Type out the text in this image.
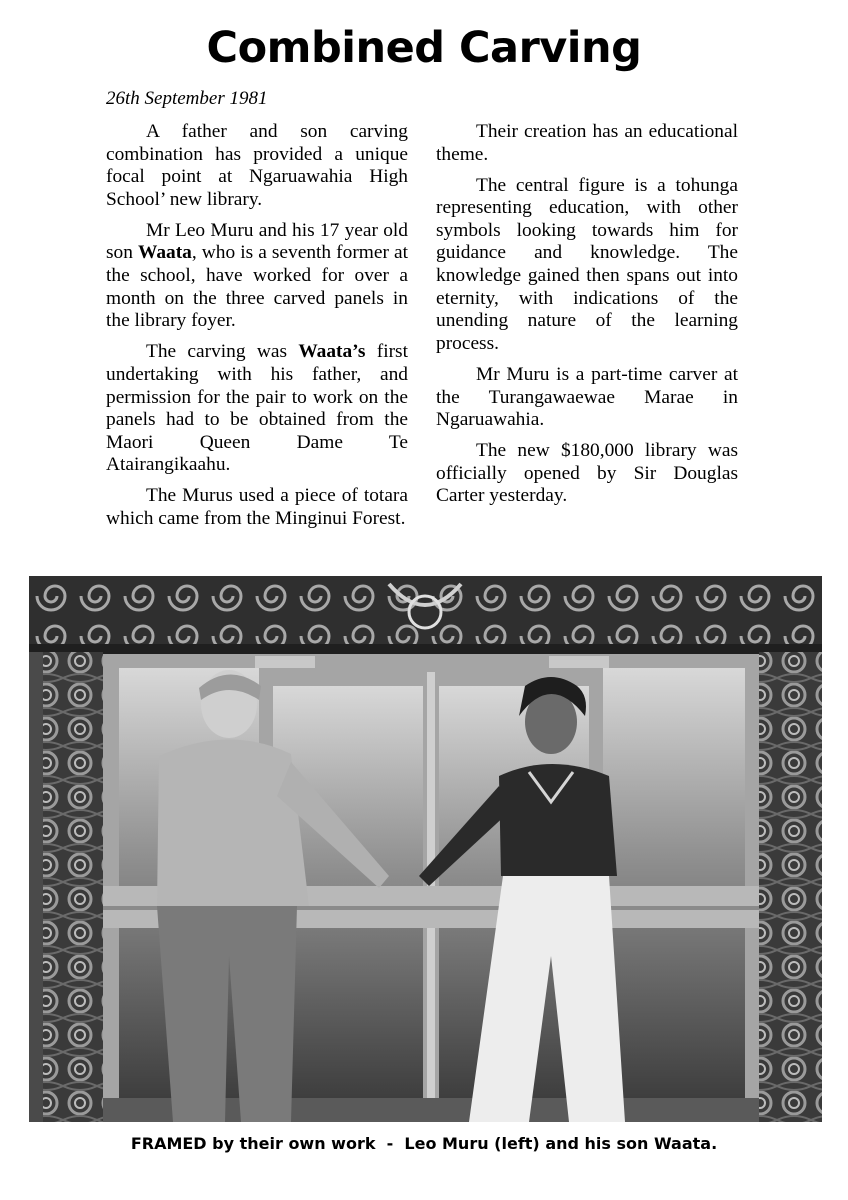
Combined Carving
26th September 1981

A father and son carving combination has provided a unique focal point at Ngaruawahia High School’ new library.

Mr Leo Muru and his 17 year old son Waata, who is a seventh former at the school, have worked for over a month on the three carved panels in the library foyer.

The carving was Waata’s first undertaking with his father, and permission for the pair to work on the panels had to be obtained from the Maori Queen Dame Te Atairangikaahu.

The Murus used a piece of totara which came from the Minginui Forest.

Their creation has an educational theme.

The central figure is a tohunga representing education, with other symbols looking towards him for guidance and knowledge. The knowledge gained then spans out into eternity, with indications of the unending nature of the learning process.

Mr Muru is a part-time carver at the Turangawaewae Marae in Ngaruawahia.

The new $180,000 library was officially opened by Sir Douglas Carter yesterday.

FRAMED by their own work  -  Leo Muru (left) and his son Waata.
